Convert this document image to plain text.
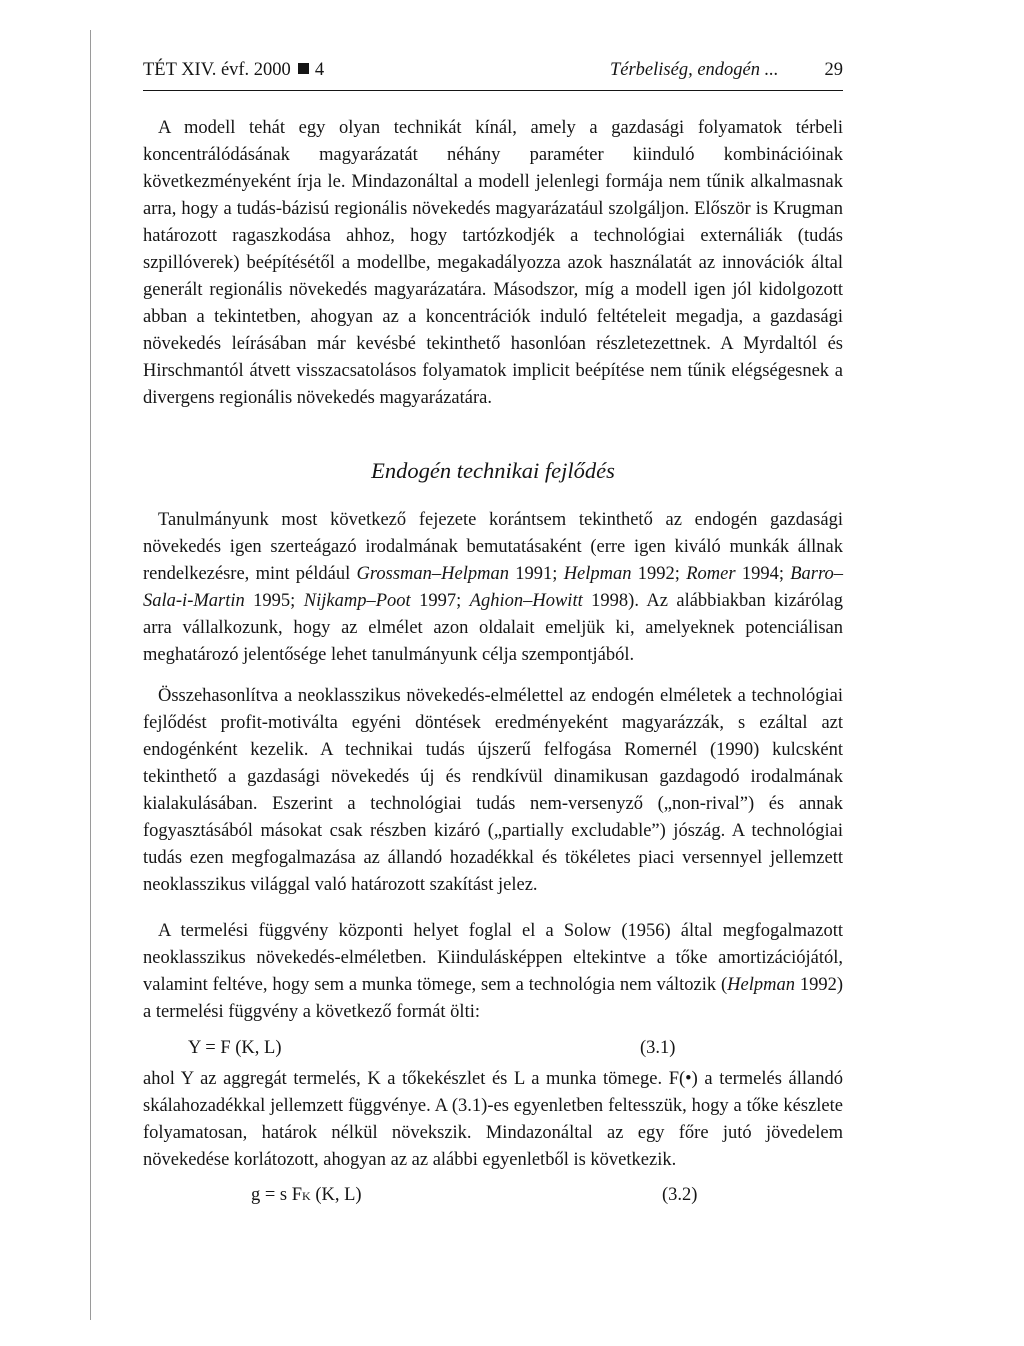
TÉT XIV. évf. 2000 4	Térbeliség, endogén ... 29

A modell tehát egy olyan technikát kínál, amely a gazdasági folyamatok térbeli koncentrálódásának magyarázatát néhány paraméter kiinduló kombinációinak következményeként írja le. Mindazonáltal a modell jelenlegi formája nem tűnik alkalmasnak arra, hogy a tudás-bázisú regionális növekedés magyarázatául szolgáljon. Először is Krugman határozott ragaszkodása ahhoz, hogy tartózkodjék a technológiai externáliák (tudás szpillóverek) beépítésétől a modellbe, megakadályozza azok használatát az innovációk által generált regionális növekedés magyarázatára. Másodszor, míg a modell igen jól kidolgozott abban a tekintetben, ahogyan az a koncentrációk induló feltételeit megadja, a gazdasági növekedés leírásában már kevésbé tekinthető hasonlóan részletezettnek. A Myrdaltól és Hirschmantól átvett visszacsatolásos folyamatok implicit beépítése nem tűnik elégségesnek a divergens regionális növekedés magyarázatára.

Endogén technikai fejlődés

Tanulmányunk most következő fejezete korántsem tekinthető az endogén gazdasági növekedés igen szerteágazó irodalmának bemutatásaként (erre igen kiváló munkák állnak rendelkezésre, mint például Grossman–Helpman 1991; Helpman 1992; Romer 1994; Barro–Sala-i-Martin 1995; Nijkamp–Poot 1997; Aghion–Howitt 1998). Az alábbiakban kizárólag arra vállalkozunk, hogy az elmélet azon oldalait emeljük ki, amelyeknek potenciálisan meghatározó jelentősége lehet tanulmányunk célja szempontjából.

Összehasonlítva a neoklasszikus növekedés-elmélettel az endogén elméletek a technológiai fejlődést profit-motiválta egyéni döntések eredményeként magyarázzák, s ezáltal azt endogénként kezelik. A technikai tudás újszerű felfogása Romernél (1990) kulcsként tekinthető a gazdasági növekedés új és rendkívül dinamikusan gazdagodó irodalmának kialakulásában. Eszerint a technológiai tudás nem-versenyző („non-rival”) és annak fogyasztásából másokat csak részben kizáró („partially excludable”) jószág. A technológiai tudás ezen megfogalmazása az állandó hozadékkal és tökéletes piaci versennyel jellemzett neoklasszikus világgal való határozott szakítást jelez.

A termelési függvény központi helyet foglal el a Solow (1956) által megfogalmazott neoklasszikus növekedés-elméletben. Kiindulásképpen eltekintve a tőke amortizációjától, valamint feltéve, hogy sem a munka tömege, sem a technológia nem változik (Helpman 1992) a termelési függvény a következő formát ölti:

Y = F (K, L)	(3.1)

ahol Y az aggregát termelés, K a tőkekészlet és L a munka tömege. F(•) a termelés állandó skálahozadékkal jellemzett függvénye. A (3.1)-es egyenletben feltesszük, hogy a tőke készlete folyamatosan, határok nélkül növekszik. Mindazonáltal az egy főre jutó jövedelem növekedése korlátozott, ahogyan az az alábbi egyenletből is következik.

g = s FK (K, L)	(3.2)
